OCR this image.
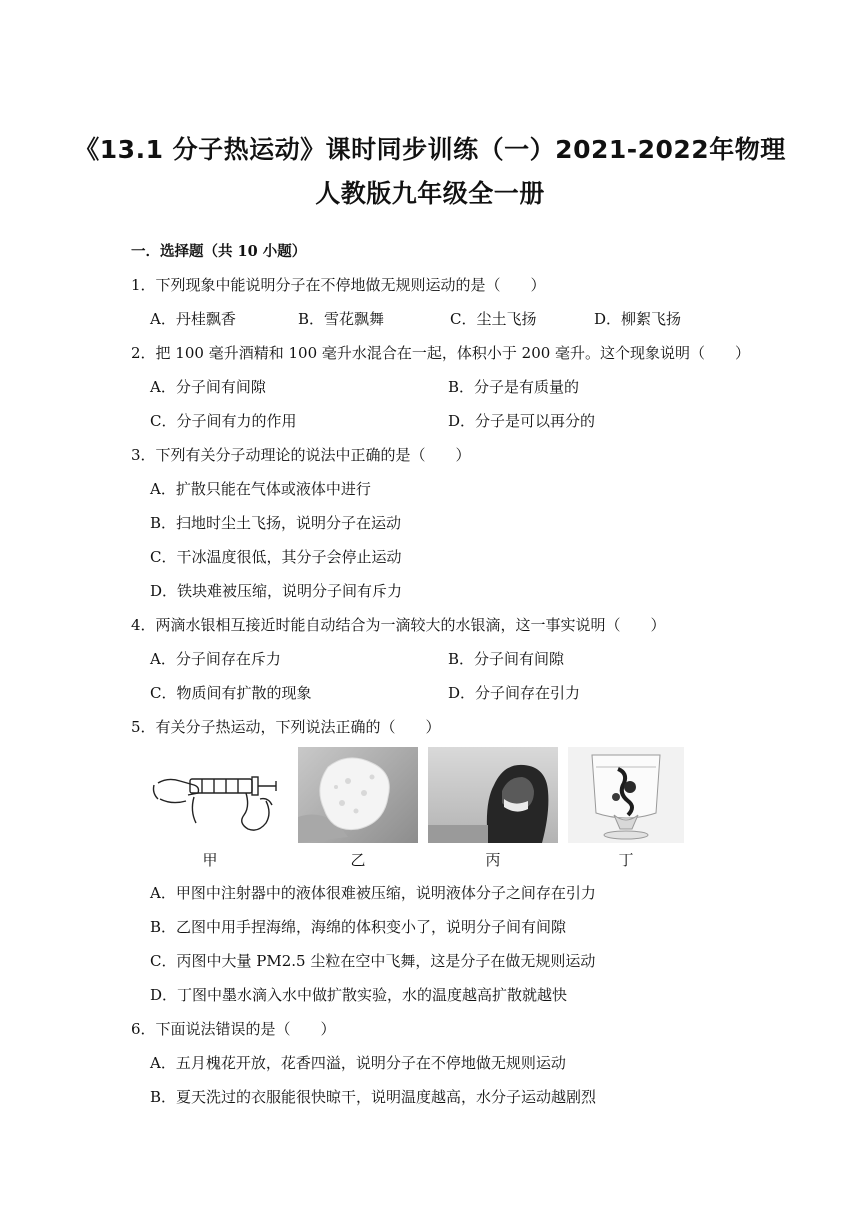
《13.1 分子热运动》课时同步训练（一）2021-2022年物理
人教版九年级全一册
一．选择题（共 10 小题）
1．下列现象中能说明分子在不停地做无规则运动的是（　　）
A．丹桂飘香	B．雪花飘舞	C．尘土飞扬	D．柳絮飞扬
2．把 100 毫升酒精和 100 毫升水混合在一起，体积小于 200 毫升。这个现象说明（　　）
A．分子间有间隙	B．分子是有质量的
C．分子间有力的作用	D．分子是可以再分的
3．下列有关分子动理论的说法中正确的是（　　）
A．扩散只能在气体或液体中进行
B．扫地时尘土飞扬，说明分子在运动
C．干冰温度很低，其分子会停止运动
D．铁块难被压缩，说明分子间有斥力
4．两滴水银相互接近时能自动结合为一滴较大的水银滴，这一事实说明（　　）
A．分子间存在斥力	B．分子间有间隙
C．物质间有扩散的现象	D．分子间存在引力
5．有关分子热运动，下列说法正确的（　　）
甲	乙	丙	丁
A．甲图中注射器中的液体很难被压缩，说明液体分子之间存在引力
B．乙图中用手捏海绵，海绵的体积变小了，说明分子间有间隙
C．丙图中大量 PM2.5 尘粒在空中飞舞，这是分子在做无规则运动
D．丁图中墨水滴入水中做扩散实验，水的温度越高扩散就越快
6．下面说法错误的是（　　）
A．五月槐花开放，花香四溢，说明分子在不停地做无规则运动
B．夏天洗过的衣服能很快晾干，说明温度越高，水分子运动越剧烈
